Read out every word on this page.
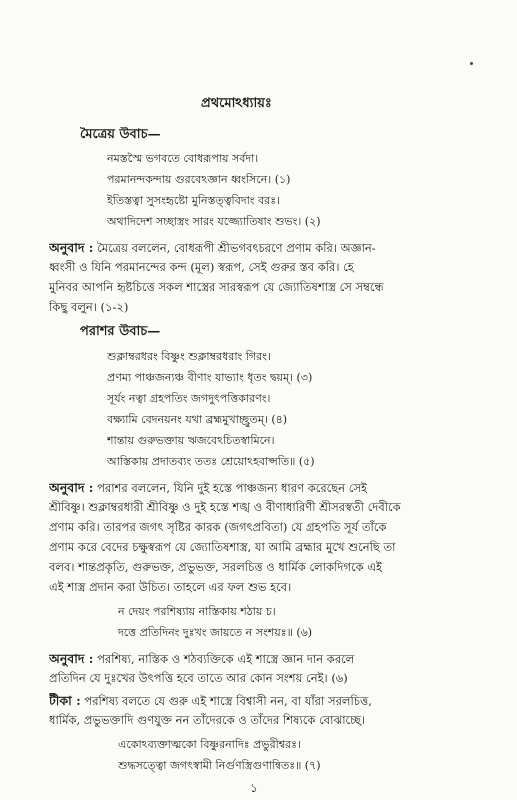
প্রথমোঽধ্যায়ঃ
মৈত্রেয় উবাচ—
নমস্তস্মৈ ভগবতে বোধরূপায় সর্বদা।
পরমানন্দকন্দায় গুরবেঽজ্ঞান ধ্বংসিনে। (১)
ইতিস্তত্বা সুসংহৃষ্টো মুনিস্তত্ত্ববিদাং বরঃ।
অথাদিদেশ সচ্ছাস্ত্রং সারং যজ্জ্যোতিষাং শুভং। (২)
অনুবাদ : মৈত্রেয় বললেন, বোধরূপী শ্রীভগবৎচরণে প্রণাম করি। অজ্ঞান-
ধ্বংসী ও যিনি পরমানন্দের কন্দ (মূল) স্বরূপ, সেই গুরুর স্তব করি। হে
মুনিবর আপনি হৃষ্টচিত্তে সকল শাস্ত্রের সারস্বরূপ যে জ্যোতিষশাস্ত্র সে সম্বন্ধে
কিছু বলুন। (১-২)
পরাশর উবাচ—
শুক্লাম্বরধরং বিষ্ণুং শুক্লাম্বরধরাং গিরং।
প্রণম্য পাঞ্চজন্যঞ্চ বীণাং যাভ্যাং ধৃতং দ্বয়ম্। (৩)
সূর্যং নত্বা গ্রহপতিং জগদুৎপত্তিকারণং।
বক্ষ্যামি বেদনয়নং যথা ব্রহ্মমুখাচ্ছ্রুতম্। (৪)
শান্তায় গুরুভক্তায় ঋজবেঽচিতস্বামিনে।
আস্তিকায় প্রদাতব্যং ততঃ শ্রেয়োঽহবাপ্সতি॥ (৫)
অনুবাদ : পরাশর বললেন, যিনি দুই হস্তে পাঞ্চজন্য ধারণ করেছেন সেই
শ্রীবিষ্ণু। শুক্লাম্বরধারী শ্রীবিষ্ণু ও দুই হস্তে শঙ্খ ও বীণাধারিণী শ্রীসরস্বতী দেবীকে
প্রণাম করি। তারপর জগৎ সৃষ্টির কারক (জগৎপ্রবিতা) যে গ্রহপতি সূর্য তাঁকে
প্রণাম করে বেদের চক্ষুস্বরূপ যে জ্যোতিষশাস্ত্র, যা আমি ব্রহ্মার মুখে শুনেছি তা
বলব। শান্তপ্রকৃতি, গুরুভক্ত, প্রভুভক্ত, সরলচিত্ত ও ধার্মিক লোকদিগকে এই
এই শাস্ত্র প্রদান করা উচিত। তাহলে এর ফল শুভ হবে।
ন দেয়ং পরশিষ্যায় নাস্তিকায় শঠায় চ।
দত্তে প্রতিদিনং দুঃখং জায়তে ন সংশয়ঃ॥ (৬)
অনুবাদ : পরশিষ্য, নাস্তিক ও শঠব্যক্তিকে এই শাস্ত্রে জ্ঞান দান করলে
প্রতিদিন যে দুঃখের উৎপত্তি হবে তাতে আর কোন সংশয় নেই। (৬)
টীকা : পরশিষ্য বলতে যে গুরু এই শাস্ত্রে বিশ্বাসী নন, বা যাঁরা সরলচিত্ত,
ধার্মিক, প্রভুভক্তাদি গুণযুক্ত নন তাঁদেরকে ও তাঁদের শিষ্যকে বোঝাচ্ছে।
একোঽব্যক্তাত্মকো বিষ্ণুরনাদিঃ প্রভুরীশ্বরঃ।
শুদ্ধসত্ত্বো জগৎস্বামী নির্গুণস্ত্রিগুণান্বিতঃ॥ (৭)
১
